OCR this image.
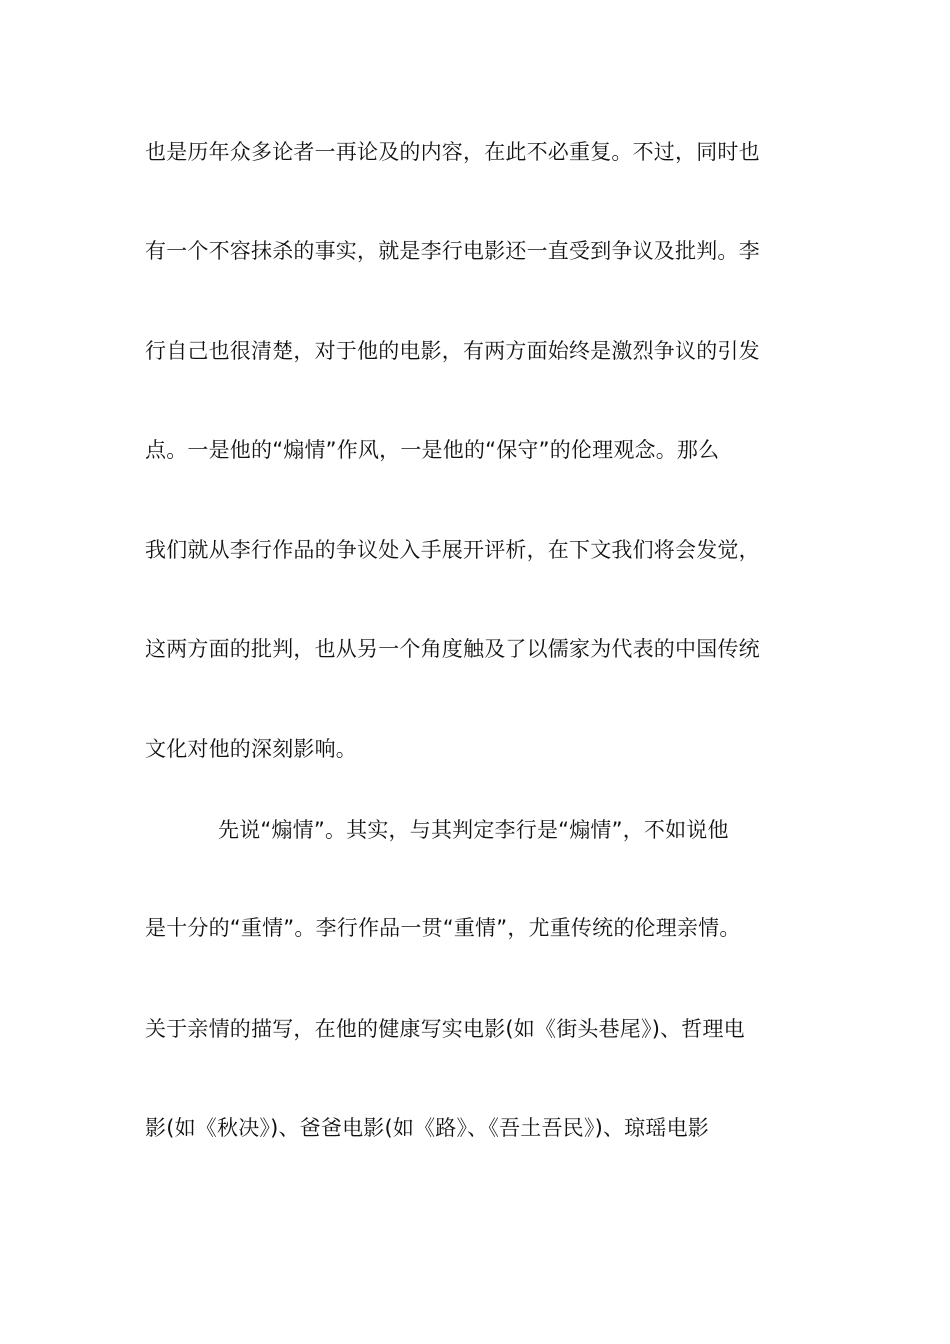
也是历年众多论者一再论及的内容，在此不必重复。不过，同时也
有一个不容抹杀的事实，就是李行电影还一直受到争议及批判。李
行自己也很清楚，对于他的电影，有两方面始终是激烈争议的引发
点。一是他的“煽情”作风，一是他的“保守”的伦理观念。那么
我们就从李行作品的争议处入手展开评析，在下文我们将会发觉，
这两方面的批判，也从另一个角度触及了以儒家为代表的中国传统
文化对他的深刻影响。
先说“煽情”。其实，与其判定李行是“煽情”，不如说他
是十分的“重情”。李行作品一贯“重情”，尤重传统的伦理亲情。
关于亲情的描写，在他的健康写实电影(如《街头巷尾》)、哲理电
影(如《秋决》)、爸爸电影(如《路》、《吾土吾民》)、琼瑶电影
